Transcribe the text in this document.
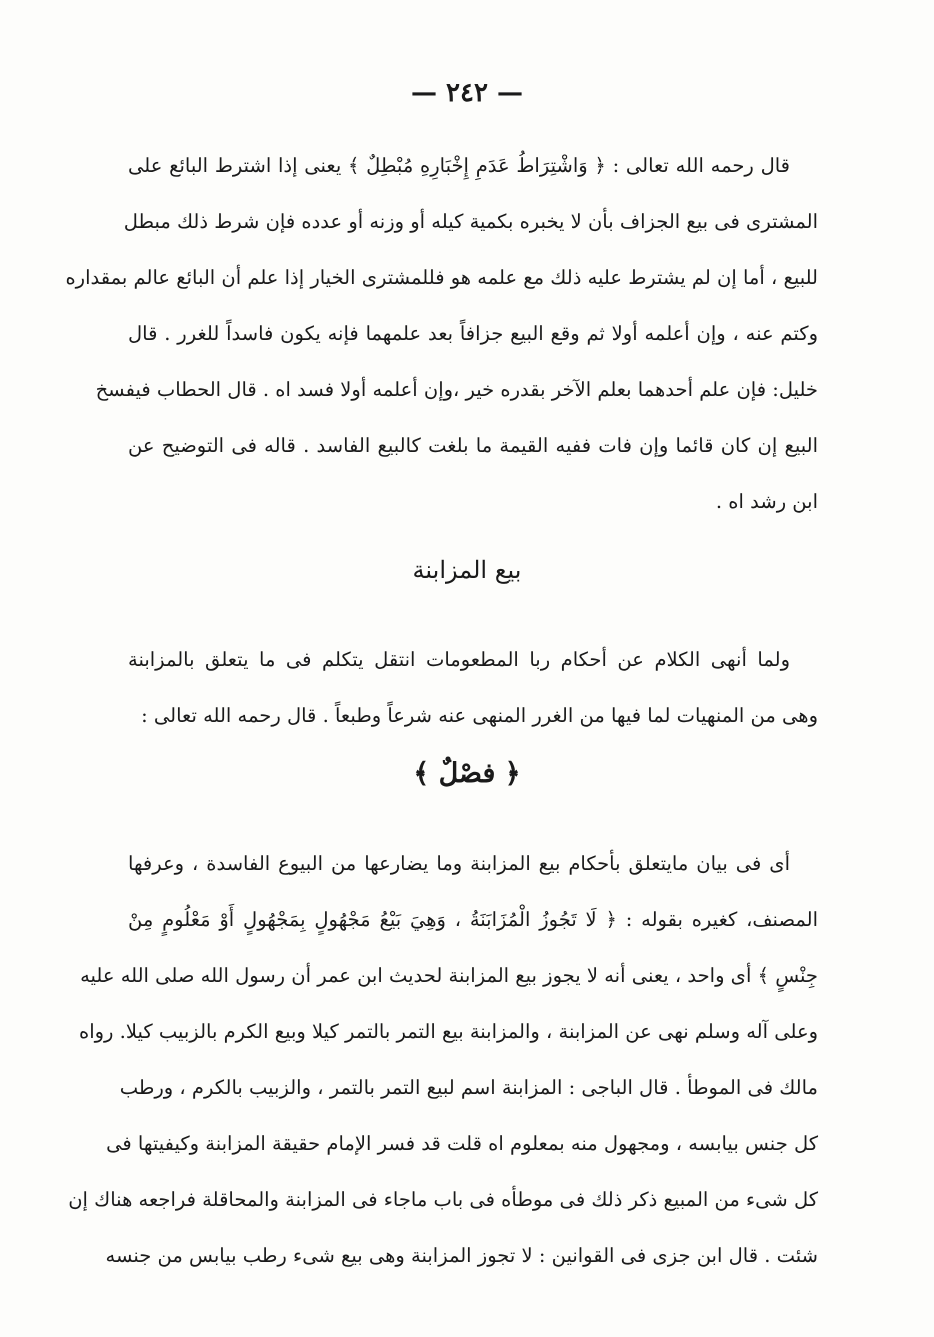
— ٢٤٢ —
قال رحمه الله تعالى : ﴿ وَاشْتِرَاطُ عَدَمِ إِخْبَارِهِ مُبْطِلٌ ﴾ يعنى إذا اشترط البائع على
المشترى فى بيع الجزاف بأن لا يخبره بكمية كيله أو وزنه أو عدده فإن شرط ذلك مبطل
للبيع ، أما إن لم يشترط عليه ذلك مع علمه هو فللمشترى الخيار إذا علم أن البائع عالم بمقداره
وكتم عنه ، وإن أعلمه أولا ثم وقع البيع جزافاً بعد علمهما فإنه يكون فاسداً للغرر . قال
خليل: فإن علم أحدهما بعلم الآخر بقدره خير ،وإن أعلمه أولا فسد اه . قال الحطاب فيفسخ
البيع إن كان قائما وإن فات ففيه القيمة ما بلغت كالبيع الفاسد . قاله فى التوضيح عن
ابن رشد اه .
بيع المزابنة
ولما أنهى الكلام عن أحكام ربا المطعومات انتقل يتكلم فى ما يتعلق بالمزابنة
وهى من المنهيات لما فيها من الغرر المنهى عنه شرعاً وطبعاً . قال رحمه الله تعالى :
﴿ فصْلٌ ﴾
أى فى بيان مايتعلق بأحكام بيع المزابنة وما يضارعها من البيوع الفاسدة ، وعرفها
المصنف، كغيره بقوله : ﴿ لَا تَجُوزُ الْمُزَابَنَةُ ، وَهِيَ بَيْعُ مَجْهُولٍ بِمَجْهُولٍ أَوْ مَعْلُومٍ مِنْ
جِنْسٍ ﴾ أى واحد ، يعنى أنه لا يجوز بيع المزابنة لحديث ابن عمر أن رسول الله صلى الله عليه
وعلى آله وسلم نهى عن المزابنة ، والمزابنة بيع التمر بالتمر كيلا وبيع الكرم بالزبيب كيلا. رواه
مالك فى الموطأ . قال الباجى : المزابنة اسم لبيع التمر بالتمر ، والزبيب بالكرم ، ورطب
كل جنس بيابسه ، ومجهول منه بمعلوم اه قلت قد فسر الإمام حقيقة المزابنة وكيفيتها فى
كل شىء من المبيع ذكر ذلك فى موطأه فى باب ماجاء فى المزابنة والمحاقلة فراجعه هناك إن
شئت . قال ابن جزى فى القوانين : لا تجوز المزابنة وهى بيع شىء رطب بيابس من جنسه
